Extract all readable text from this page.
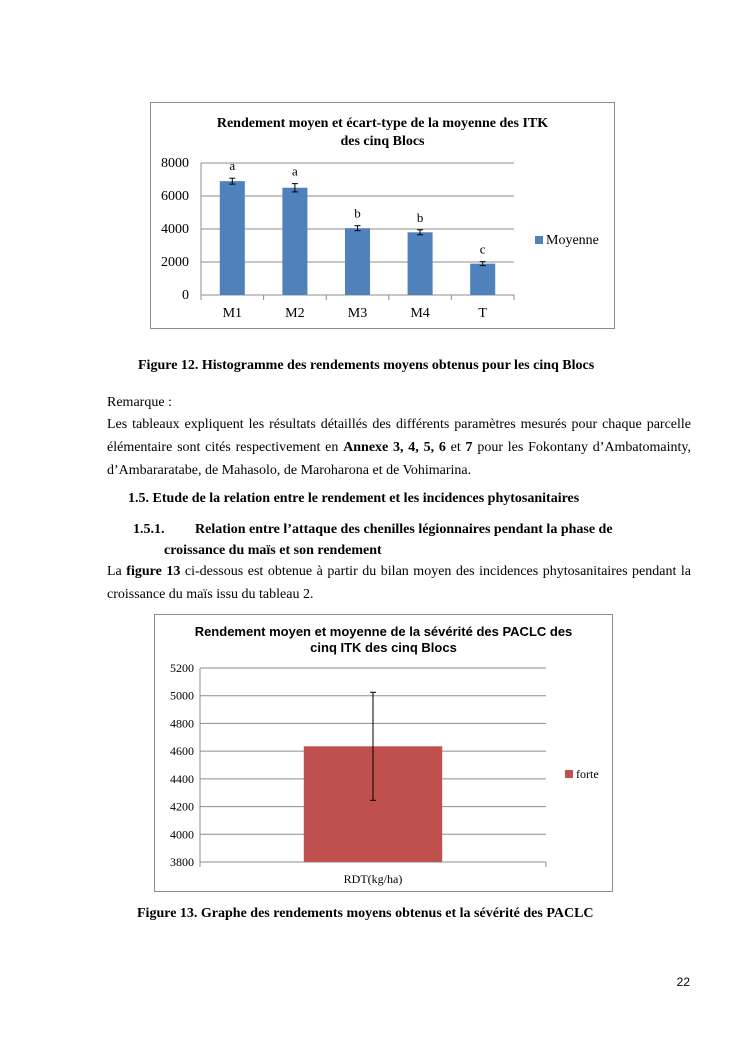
Rendement moyen et écart-type de la moyenne des ITK
des cinq Blocs
0
2000
4000
6000
8000	a
M1
a
M2
b
M3
b
M4
c
T
Moyenne
Figure 12. Histogramme des rendements moyens obtenus pour les cinq Blocs
Remarque :
Les tableaux expliquent les résultats détaillés des différents paramètres mesurés pour chaque parcelle élémentaire sont cités respectivement en Annexe 3, 4, 5, 6 et 7 pour les Fokontany d’Ambatomainty, d’Ambararatabe, de Mahasolo, de Maroharona et de Vohimarina.
1.5. Etude de la relation entre le rendement et les incidences phytosanitaires
1.5.1. Relation entre l’attaque des chenilles légionnaires pendant la phase de
croissance du maïs et son rendement
La figure 13 ci-dessous est obtenue à partir du bilan moyen des incidences phytosanitaires pendant la croissance du maïs issu du tableau 2.
Rendement moyen et moyenne de la sévérité des PACLC des
cinq ITK des cinq Blocs
3800
4000
4200
4400
4600
4800
5000
5200
RDT(kg/ha)
forte
Figure 13. Graphe des rendements moyens obtenus et la sévérité des PACLC
22
